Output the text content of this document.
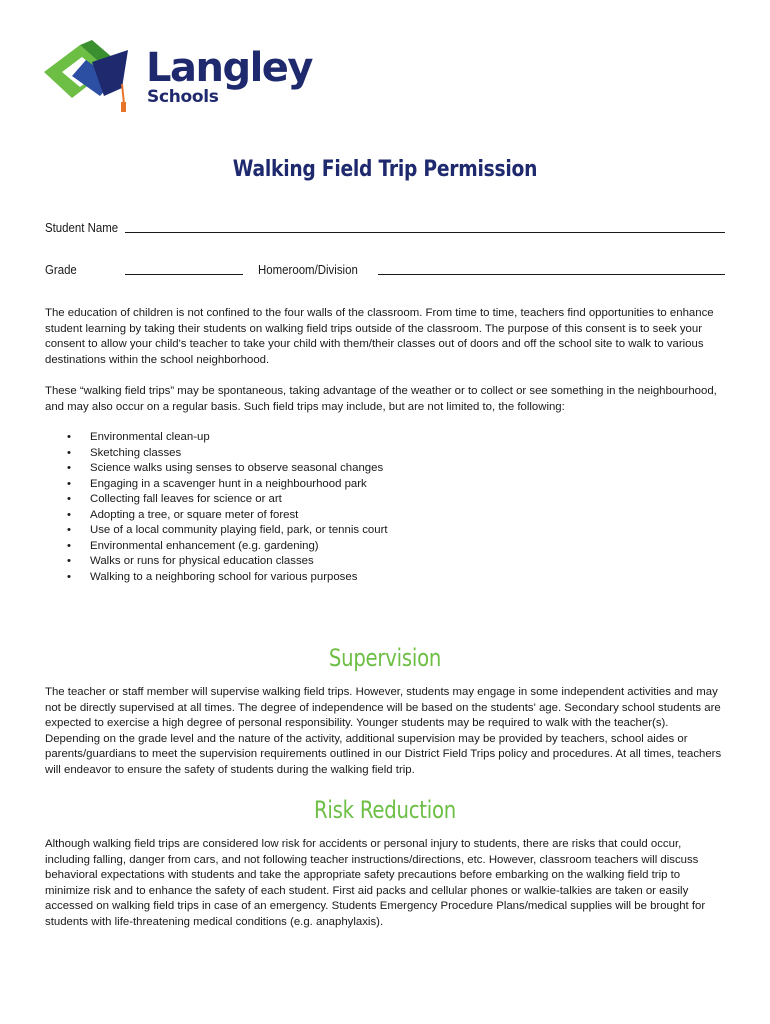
Langley
Schools
Walking Field Trip Permission
Student Name
Grade	Homeroom/Division

The education of children is not confined to the four walls of the classroom. From time to time, teachers find opportunities to enhance student learning by taking their students on walking field trips outside of the classroom. The purpose of this consent is to seek your consent to allow your child's teacher to take your child with them/their classes out of doors and off the school site to walk to various destinations within the school neighborhood.

These “walking field trips” may be spontaneous, taking advantage of the weather or to collect or see something in the neighbourhood, and may also occur on a regular basis. Such field trips may include, but are not limited to, the following:

• Environmental clean-up
• Sketching classes
• Science walks using senses to observe seasonal changes
• Engaging in a scavenger hunt in a neighbourhood park
• Collecting fall leaves for science or art
• Adopting a tree, or square meter of forest
• Use of a local community playing field, park, or tennis court
• Environmental enhancement (e.g. gardening)
• Walks or runs for physical education classes
• Walking to a neighboring school for various purposes
Supervision

The teacher or staff member will supervise walking field trips. However, students may engage in some independent activities and may not be directly supervised at all times. The degree of independence will be based on the students' age. Secondary school students are expected to exercise a high degree of personal responsibility. Younger students may be required to walk with the teacher(s). Depending on the grade level and the nature of the activity, additional supervision may be provided by teachers, school aides or parents/guardians to meet the supervision requirements outlined in our District Field Trips policy and procedures. At all times, teachers will endeavor to ensure the safety of students during the walking field trip.

Risk Reduction

Although walking field trips are considered low risk for accidents or personal injury to students, there are risks that could occur, including falling, danger from cars, and not following teacher instructions/directions, etc. However, classroom teachers will discuss behavioral expectations with students and take the appropriate safety precautions before embarking on the walking field trip to minimize risk and to enhance the safety of each student. First aid packs and cellular phones or walkie-talkies are taken or easily accessed on walking field trips in case of an emergency. Students Emergency Procedure Plans/medical supplies will be brought for students with life-threatening medical conditions (e.g. anaphylaxis).
